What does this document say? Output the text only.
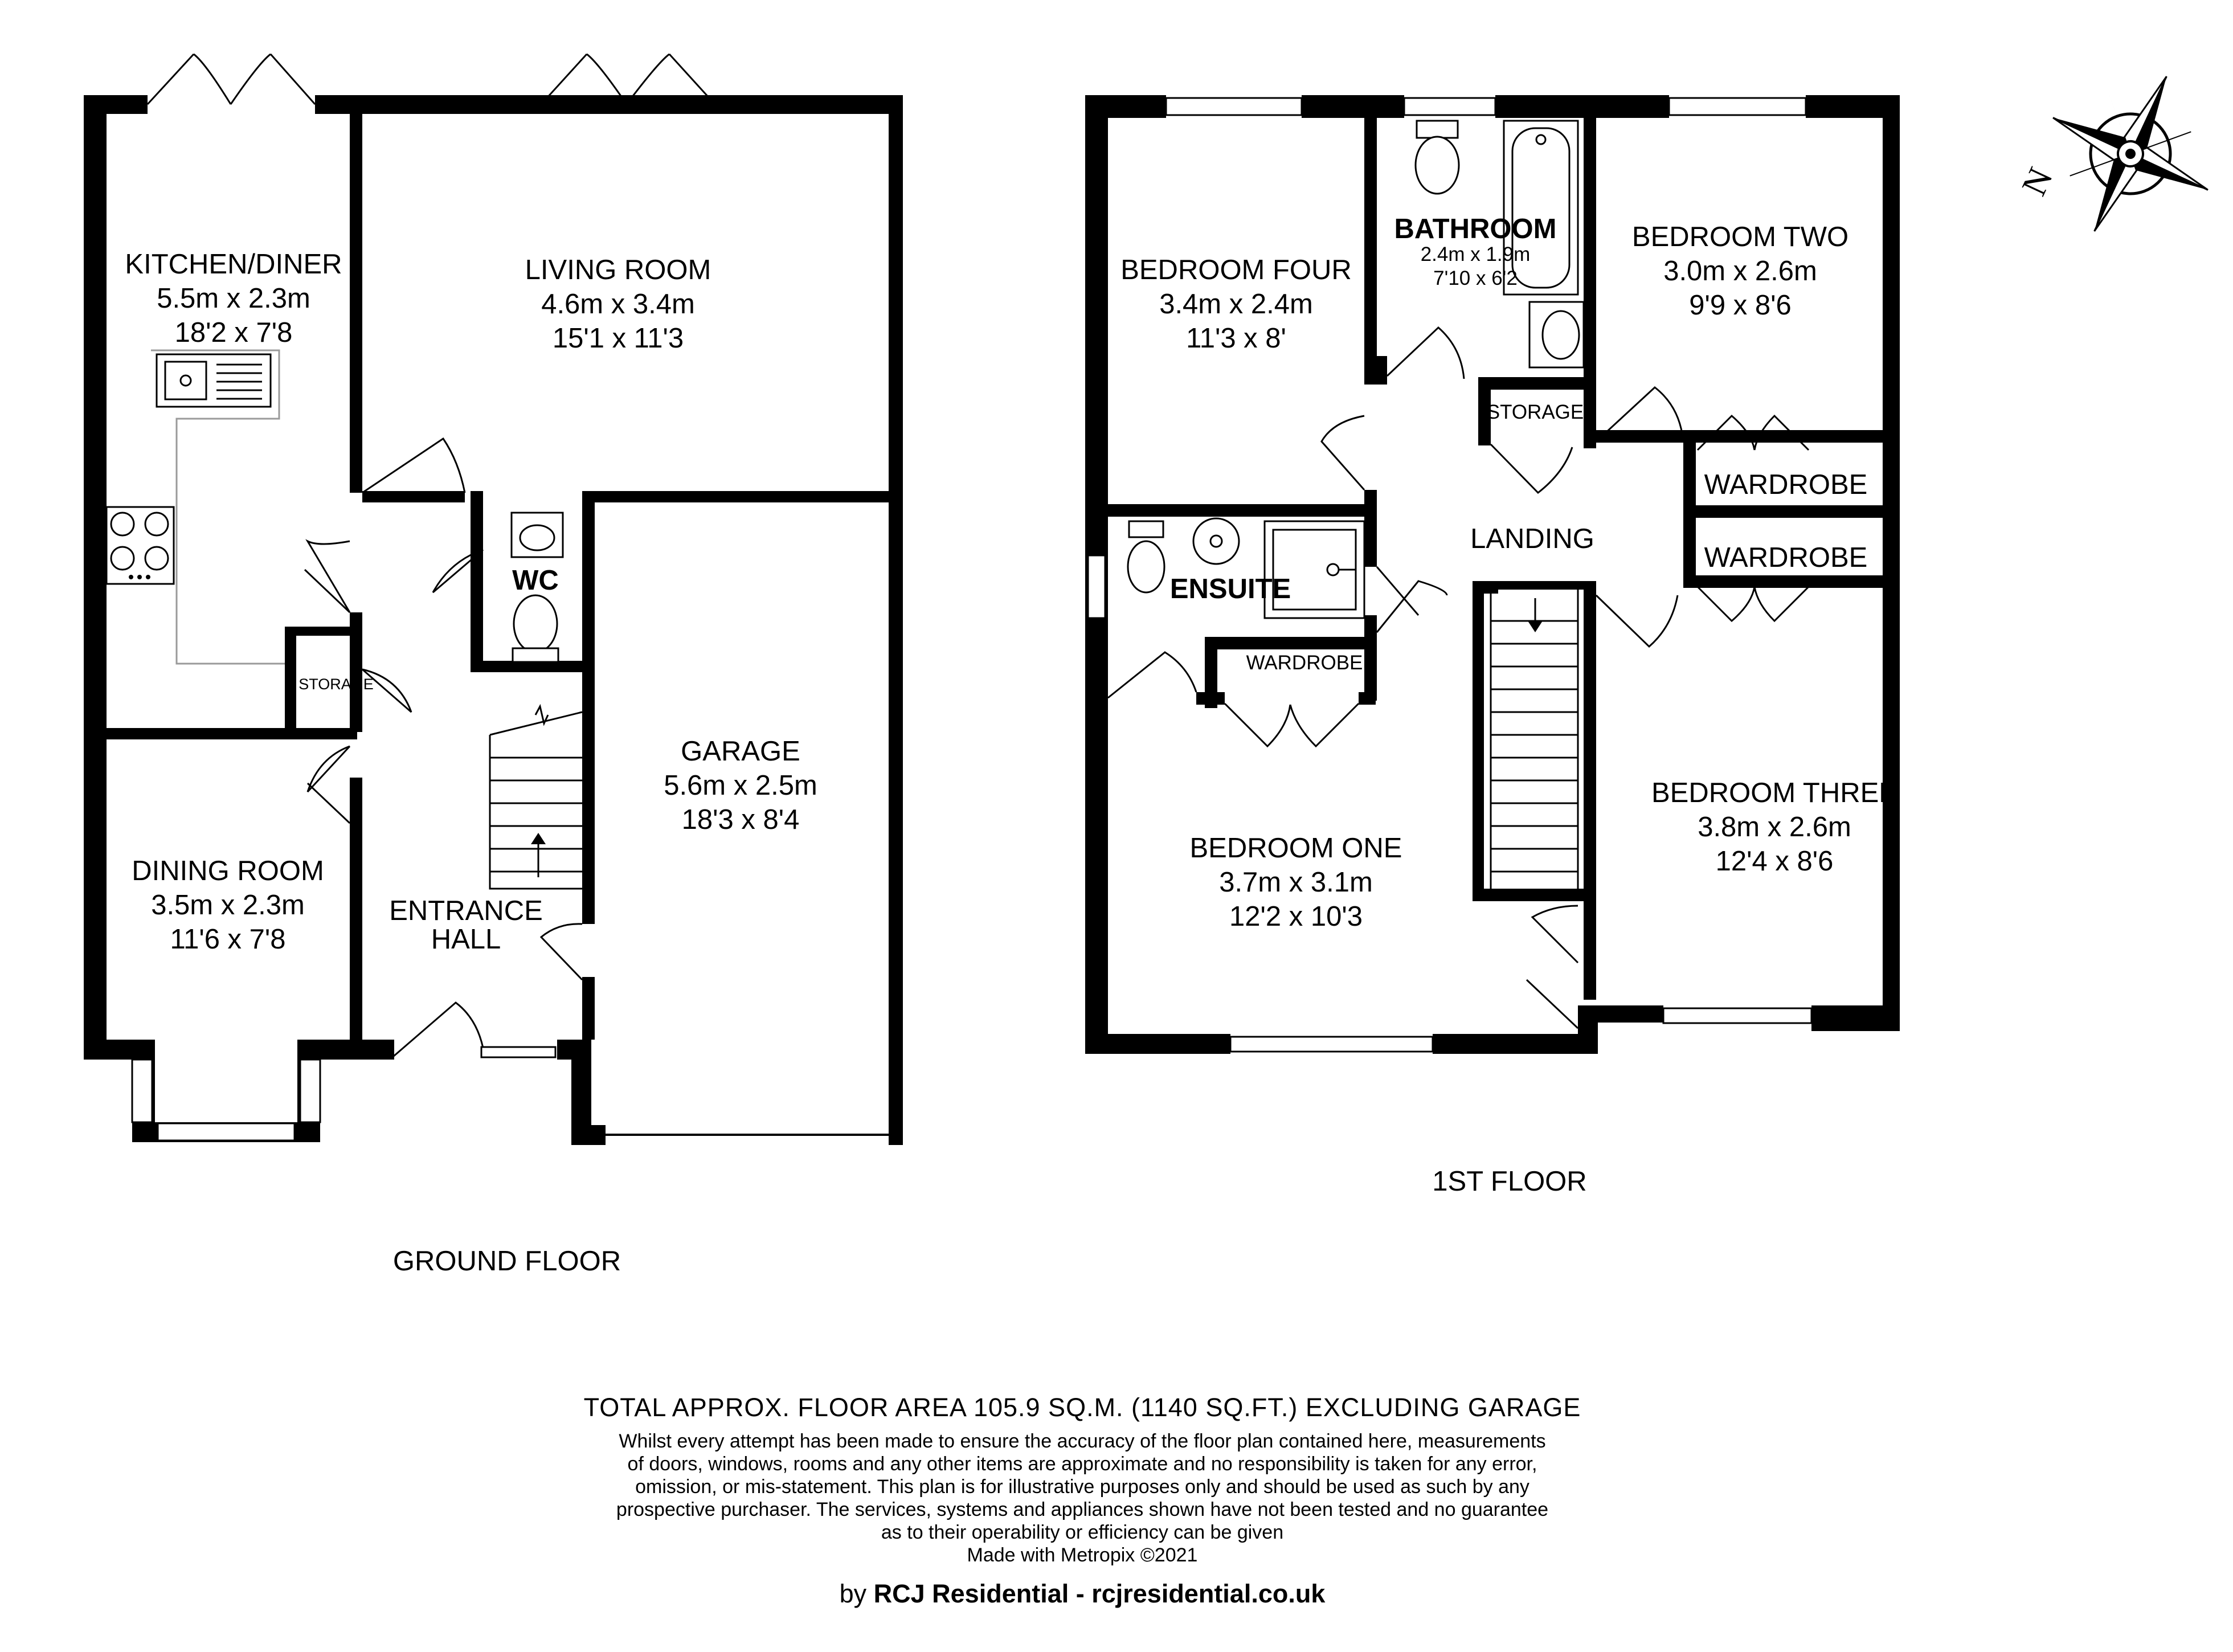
KITCHEN/DINER
5.5m x 2.3m
18'2 x 7'8
LIVING ROOM
4.6m x 3.4m
15'1 x 11'3
WC
STORAGE
GARAGE
5.6m x 2.5m
18'3 x 8'4
DINING ROOM
3.5m x 2.3m
11'6 x 7'8
ENTRANCE
HALL
GROUND FLOOR
BEDROOM FOUR
3.4m x 2.4m
11'3 x 8'
BATHROOM
2.4m x 1.9m
7'10 x 6'2
BEDROOM TWO
3.0m x 2.6m
9'9 x 8'6
STORAGE
WARDROBE
WARDROBE
LANDING
ENSUITE
WARDROBE
BEDROOM THREE
3.8m x 2.6m
12'4 x 8'6
BEDROOM ONE
3.7m x 3.1m
12'2 x 10'3
1ST FLOOR
N
TOTAL APPROX. FLOOR AREA 105.9 SQ.M. (1140 SQ.FT.) EXCLUDING GARAGE
Whilst every attempt has been made to ensure the accuracy of the floor plan contained here, measurements
of doors, windows, rooms and any other items are approximate and no responsibility is taken for any error,
omission, or mis-statement. This plan is for illustrative purposes only and should be used as such by any
prospective purchaser. The services, systems and appliances shown have not been tested and no guarantee
as to their operability or efficiency can be given
Made with Metropix ©2021
by RCJ Residential - rcjresidential.co.uk
